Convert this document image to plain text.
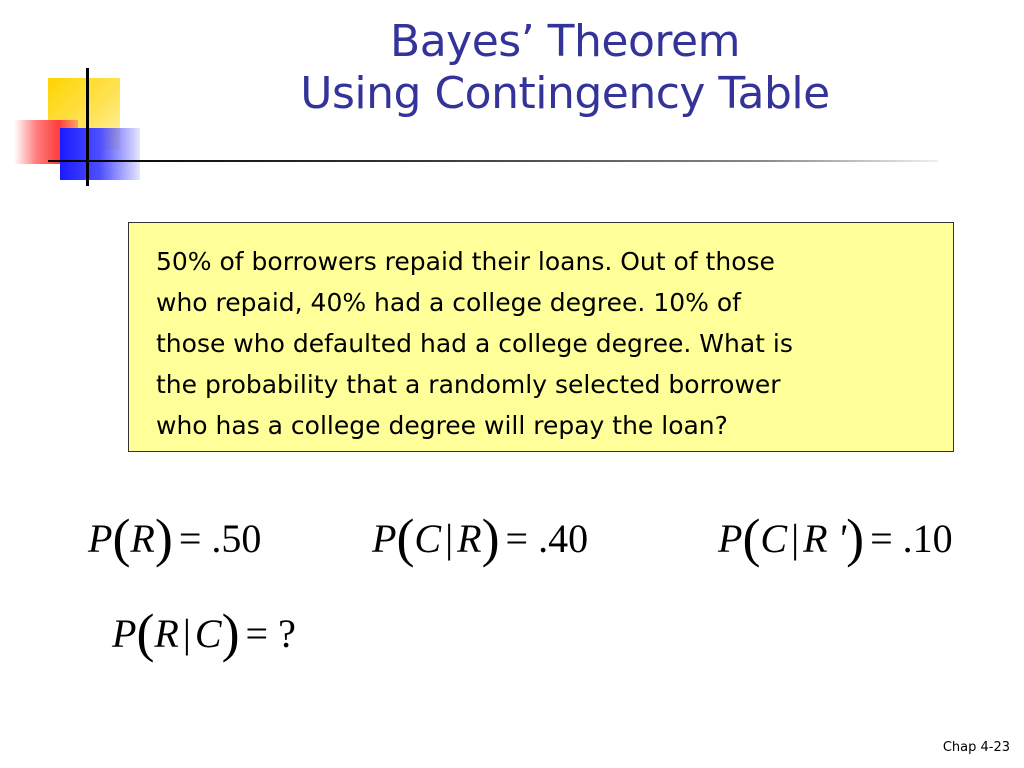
Bayes’ Theorem
Using Contingency Table
50% of borrowers repaid their loans. Out of those
who repaid, 40% had a college degree. 10% of
those who defaulted had a college degree. What is
the probability that a randomly selected borrower
who has a college degree will repay the loan?
P(R) = .50	P(C | R) = .40	P(C | R ') = .10
P(R | C) = ?
Chap 4-23
